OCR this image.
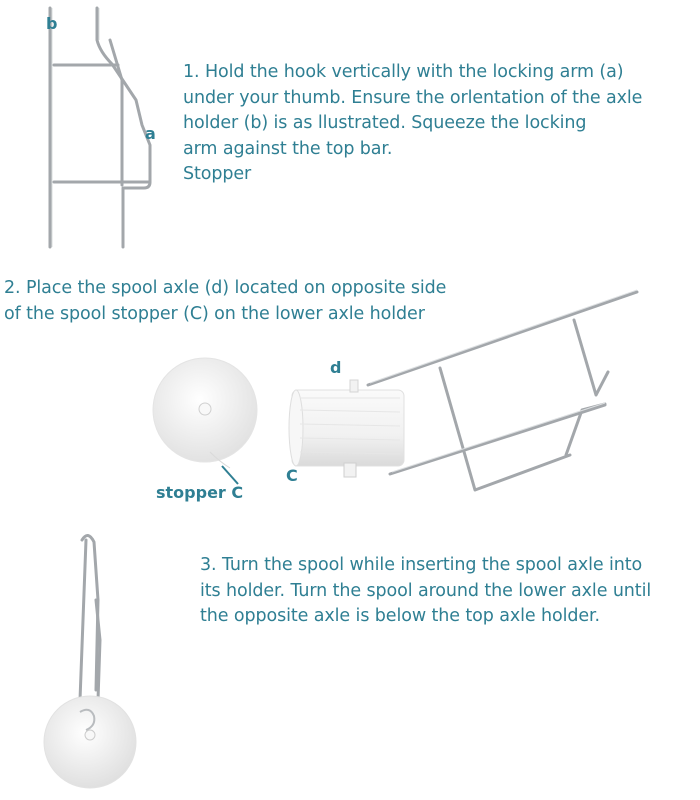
b
a
1. Hold the hook vertically with the locking arm (a)
under your thumb. Ensure the orlentation of the axle
holder (b) is as llustrated. Squeeze the locking
arm against the top bar.
Stopper
2. Place the spool axle (d) located on opposite side
of the spool stopper (C) on the lower axle holder
d
C
stopper C
3. Turn the spool while inserting the spool axle into
its holder. Turn the spool around the lower axle until
the opposite axle is below the top axle holder.
